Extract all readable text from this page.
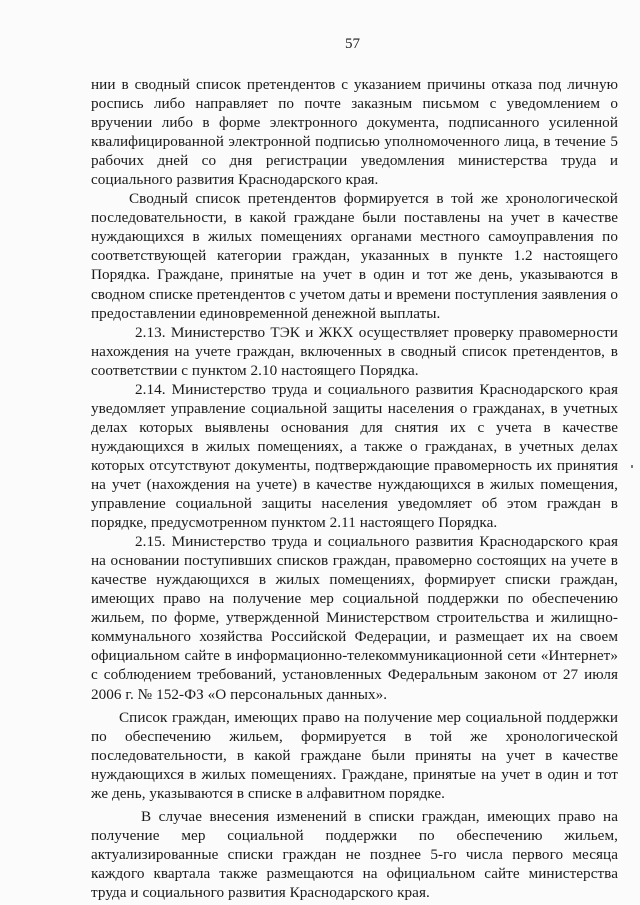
57

нии в сводный список претендентов с указанием причины отказа под личную роспись либо направляет по почте заказным письмом с уведомлением о вручении либо в форме электронного документа, подписанного усиленной квалифицированной электронной подписью уполномоченного лица, в течение 5 рабочих дней со дня регистрации уведомления министерства труда и социального развития Краснодарского края.

Сводный список претендентов формируется в той же хронологической последовательности, в какой граждане были поставлены на учет в качестве нуждающихся в жилых помещениях органами местного самоуправления по соответствующей категории граждан, указанных в пункте 1.2 настоящего Порядка. Граждане, принятые на учет в один и тот же день, указываются в сводном списке претендентов с учетом даты и времени поступления заявления о предоставлении единовременной денежной выплаты.

2.13. Министерство ТЭК и ЖКХ осуществляет проверку правомерности нахождения на учете граждан, включенных в сводный список претендентов, в соответствии с пунктом 2.10 настоящего Порядка.

2.14. Министерство труда и социального развития Краснодарского края уведомляет управление социальной защиты населения о гражданах, в учетных делах которых выявлены основания для снятия их с учета в качестве нуждающихся в жилых помещениях, а также о гражданах, в учетных делах которых отсутствуют документы, подтверждающие правомерность их принятия на учет (нахождения на учете) в качестве нуждающихся в жилых помещения, управление социальной защиты населения уведомляет об этом граждан в порядке, предусмотренном пунктом 2.11 настоящего Порядка.

2.15. Министерство труда и социального развития Краснодарского края на основании поступивших списков граждан, правомерно состоящих на учете в качестве нуждающихся в жилых помещениях, формирует списки граждан, имеющих право на получение мер социальной поддержки по обеспечению жильем, по форме, утвержденной Министерством строительства и жилищно-коммунального хозяйства Российской Федерации, и размещает их на своем официальном сайте в информационно-телекоммуникационной сети «Интернет» с соблюдением требований, установленных Федеральным законом от 27 июля 2006 г. № 152-ФЗ «О персональных данных».

Список граждан, имеющих право на получение мер социальной поддержки по обеспечению жильем, формируется в той же хронологической последовательности, в какой граждане были приняты на учет в качестве нуждающихся в жилых помещениях. Граждане, принятые на учет в один и тот же день, указываются в списке в алфавитном порядке.

В случае внесения изменений в списки граждан, имеющих право на получение мер социальной поддержки по обеспечению жильем, актуализированные списки граждан не позднее 5-го числа первого месяца каждого квартала также размещаются на официальном сайте министерства труда и социального развития Краснодарского края.
